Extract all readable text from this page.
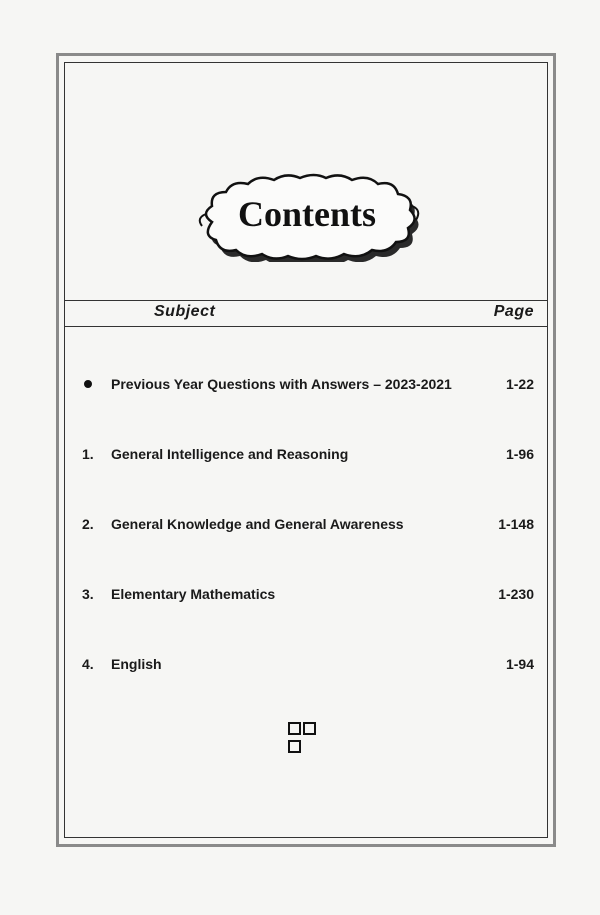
Contents
Subject	Page
Previous Year Questions with Answers – 2023-2021	1-22
1. General Intelligence and Reasoning	1-96
2. General Knowledge and General Awareness	1-148
3. Elementary Mathematics	1-230
4. English	1-94
